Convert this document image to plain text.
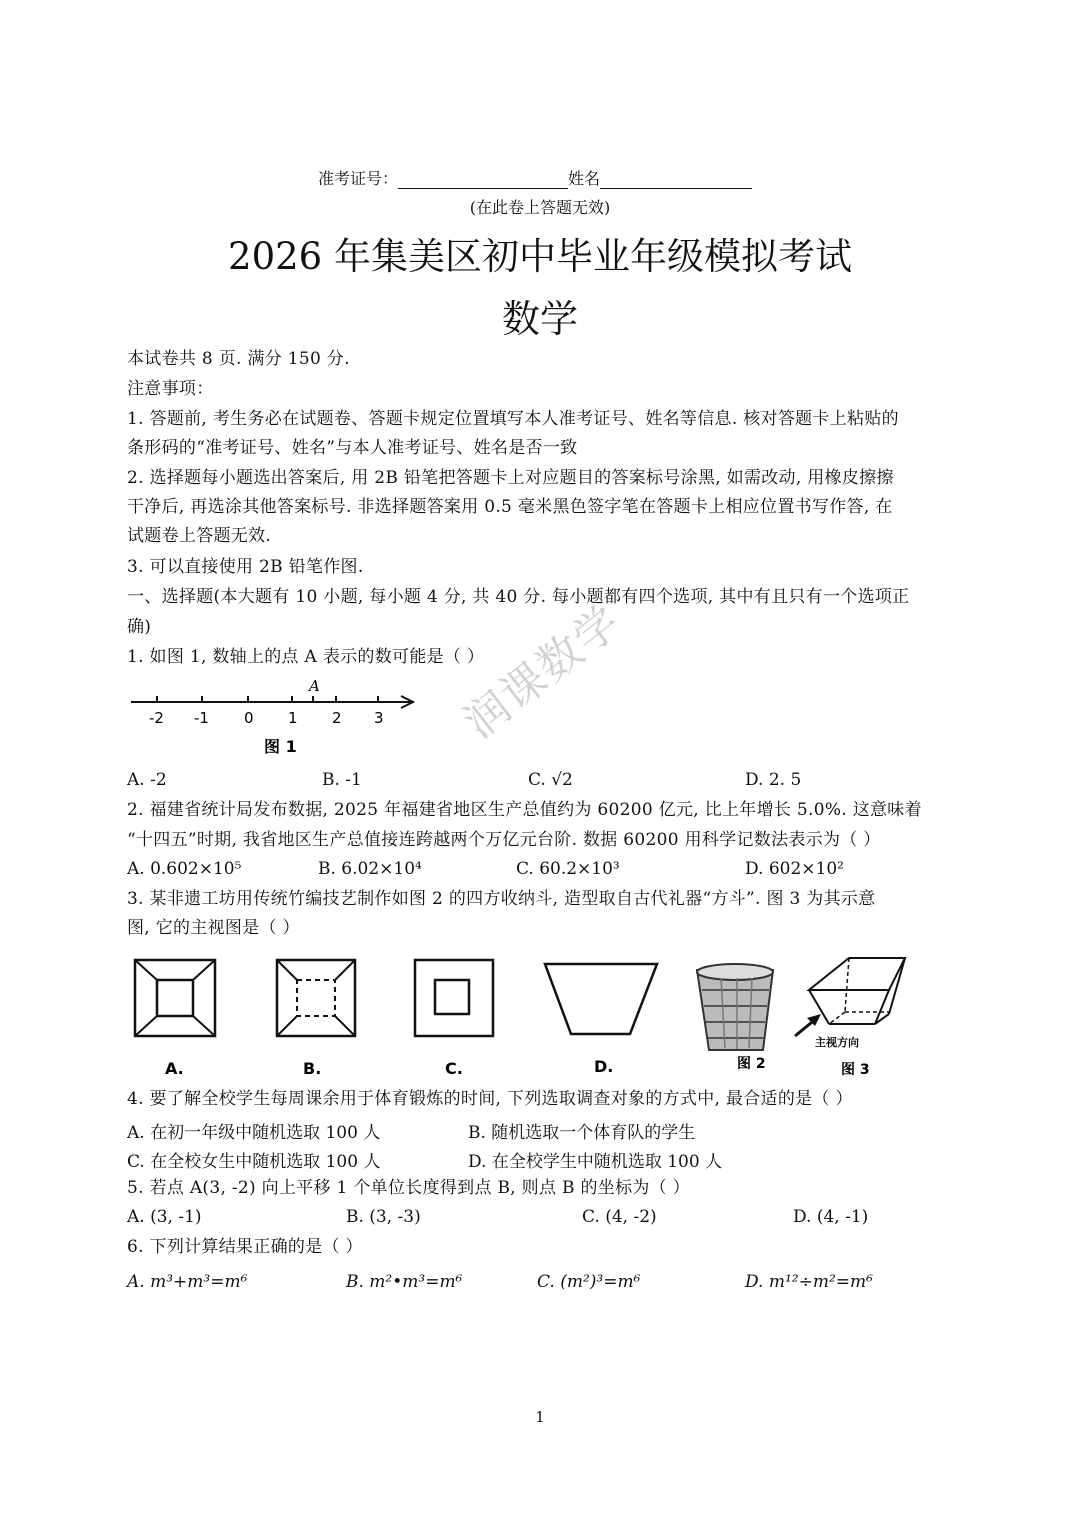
准考证号：	姓名
(在此卷上答题无效)
2026 年集美区初中毕业年级模拟考试
数学
本试卷共 8 页. 满分 150 分.
注意事项：
1. 答题前, 考生务必在试题卷、答题卡规定位置填写本人准考证号、姓名等信息. 核对答题卡上粘贴的
条形码的“准考证号、姓名”与本人准考证号、姓名是否一致
2. 选择题每小题选出答案后, 用 2B 铅笔把答题卡上对应题目的答案标号涂黑, 如需改动, 用橡皮擦擦
干净后, 再选涂其他答案标号. 非选择题答案用 0.5 毫米黑色签字笔在答题卡上相应位置书写作答, 在
试题卷上答题无效.
3. 可以直接使用 2B 铅笔作图.
一、选择题(本大题有 10 小题, 每小题 4 分, 共 40 分. 每小题都有四个选项, 其中有且只有一个选项正
确)
1. 如图 1, 数轴上的点 A 表示的数可能是（ ）
-2 -1 0 1 2 3
A
图 1
A. -2	B. -1	C. √2	D. 2. 5
2. 福建省统计局发布数据, 2025 年福建省地区生产总值约为 60200 亿元, 比上年增长 5.0%. 这意味着
“十四五”时期, 我省地区生产总值接连跨越两个万亿元台阶. 数据 60200 用科学记数法表示为（ ）
A. 0.602×10⁵	B. 6.02×10⁴	C. 60.2×10³	D. 602×10²
3. 某非遗工坊用传统竹编技艺制作如图 2 的四方收纳斗, 造型取自古代礼器“方斗”. 图 3 为其示意
图, 它的主视图是（ ）
A.	B.	C.	D.	图 2
主视方向
图 3
4. 要了解全校学生每周课余用于体育锻炼的时间, 下列选取调查对象的方式中, 最合适的是（ ）
A. 在初一年级中随机选取 100 人	B. 随机选取一个体育队的学生
C. 在全校女生中随机选取 100 人	D. 在全校学生中随机选取 100 人
5. 若点 A(3, -2) 向上平移 1 个单位长度得到点 B, 则点 B 的坐标为（ ）
A. (3, -1)	B. (3, -3)	C. (4, -2)	D. (4, -1)
6. 下列计算结果正确的是（ ）
A. m³+m³=m⁶	B. m²•m³=m⁶	C. (m²)³=m⁶	D. m¹²÷m²=m⁶
润课数学
1
